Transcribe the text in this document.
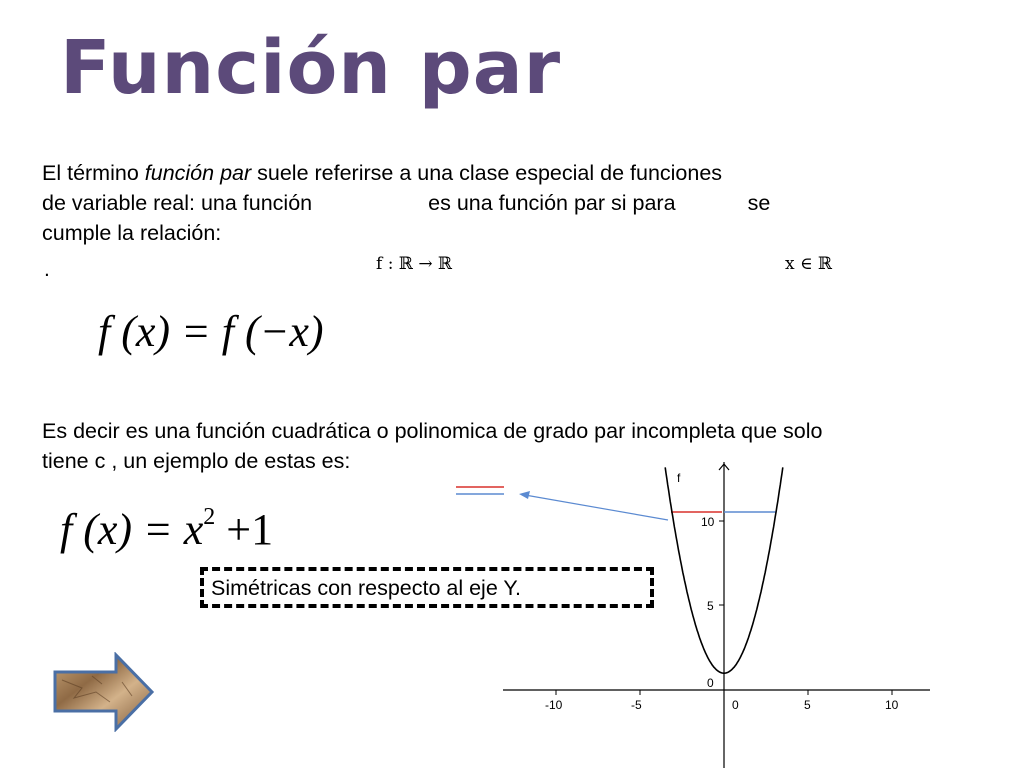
Función par

El término función par suele referirse a una clase especial de funciones
de variable real: una función	es una función par si para	se
cumple la relación:

.	f : ℝ → ℝ	x ∈ ℝ
f (x) = f (−x)

Es decir es una función cuadrática o polinomica de grado par incompleta que solo
tiene c , un ejemplo de estas es:

f $(x) = x^2 +1$
Simétricas con respecto al eje Y.
-10	-5	0	5	10
0
5
10
f
